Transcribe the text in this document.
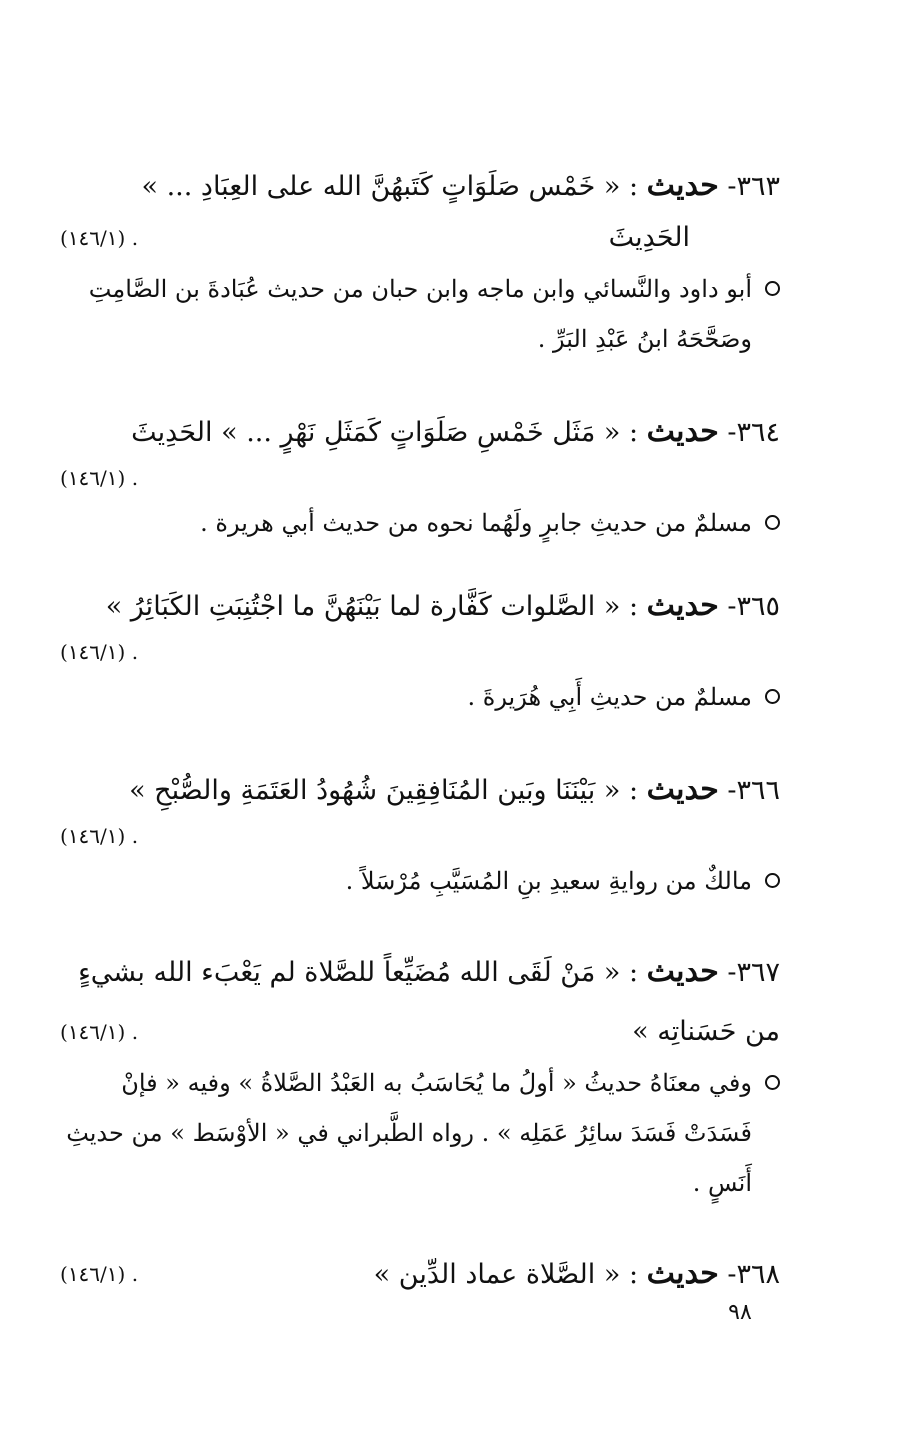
٣٦٣- حديث : « خَمْس صَلَوَاتٍ كَتَبهُنَّ الله على العِبَادِ ... »
الحَدِيثَ
(١٤٦/١) .
أبو داود والنَّسائي وابن ماجه وابن حبان من حديث عُبَادةَ بن الصَّامِتِ
وصَحَّحَهُ ابنُ عَبْدِ البَرِّ .
٣٦٤- حديث : « مَثَل خَمْسِ صَلَوَاتٍ كَمَثَلِ نَهْرٍ ... » الحَدِيثَ
(١٤٦/١) .
مسلمٌ من حديثِ جابرٍ ولَهُما نحوه من حديث أبي هريرة .
٣٦٥- حديث : « الصَّلوات كَفَّارة لما بَيْنَهُنَّ ما اجْتُنِبَتِ الكَبَائِرُ »
(١٤٦/١) .
مسلمٌ من حديثِ أَبِي هُرَيرةَ .
٣٦٦- حديث : « بَيْنَنَا وبَين المُنَافِقِينَ شُهُودُ العَتَمَةِ والصُّبْحِ »
(١٤٦/١) .
مالكٌ من روايةِ سعيدِ بنِ المُسَيَّبِ مُرْسَلاً .
٣٦٧- حديث : « مَنْ لَقَى الله مُضَيِّعاً للصَّلاة لم يَعْبَء الله بشيءٍ
من حَسَناتِه »
(١٤٦/١) .
وفي معنَاهُ حديثُ « أولُ ما يُحَاسَبُ به العَبْدُ الصَّلاةُ » وفيه « فإنْ
فَسَدَتْ فَسَدَ سائِرُ عَمَلِه » . رواه الطَّبراني في « الأوْسَط » من حديثِ
أَنَسٍ .
٣٦٨- حديث : « الصَّلاة عماد الدِّين »
(١٤٦/١) .
٩٨
